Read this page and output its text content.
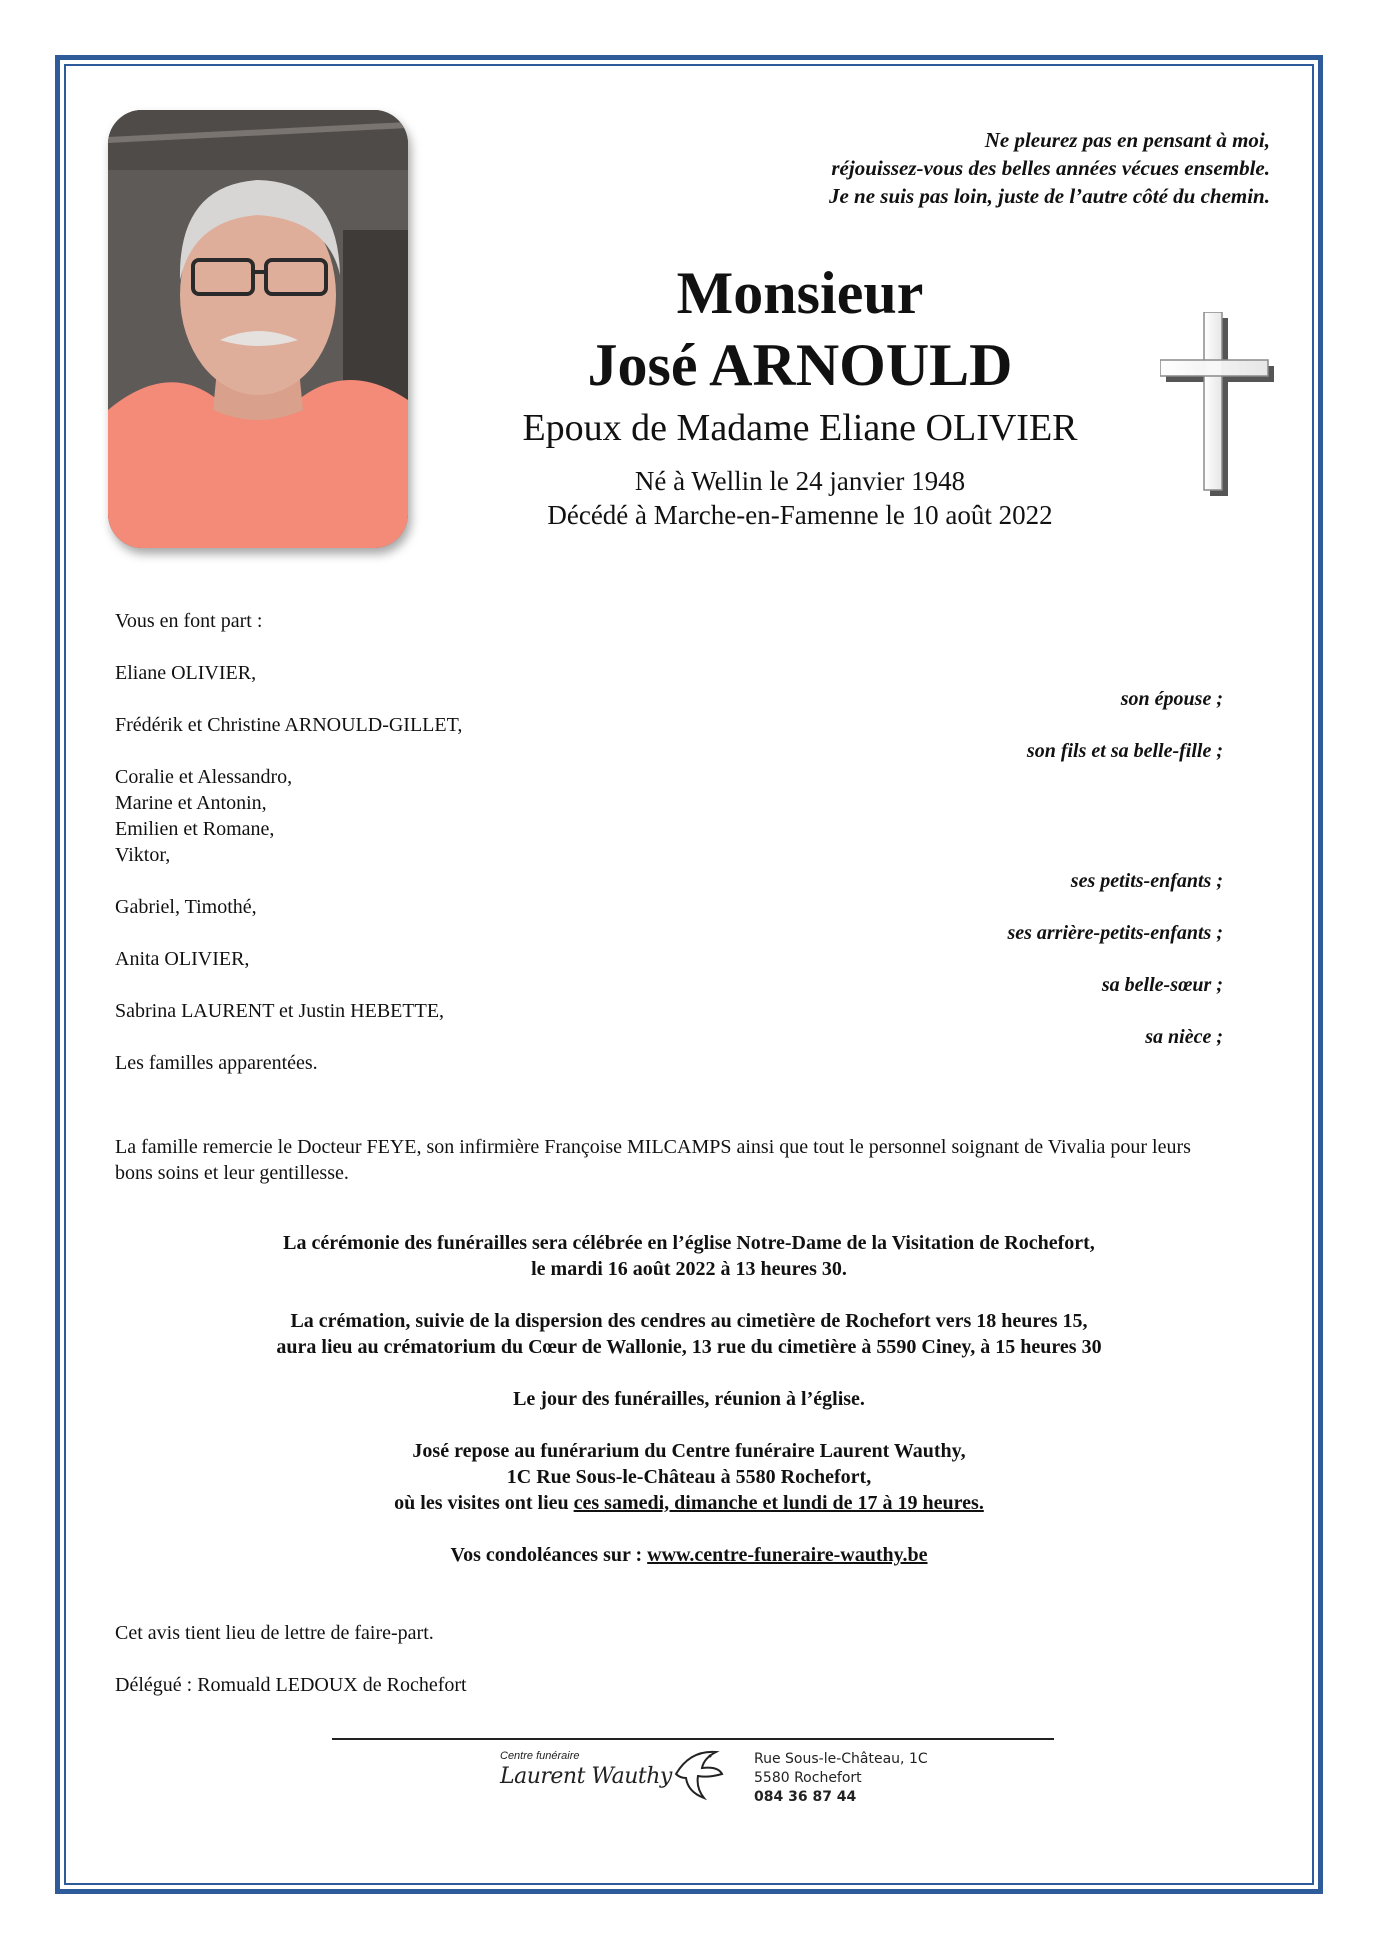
Ne pleurez pas en pensant à moi,
réjouissez-vous des belles années vécues ensemble.
Je ne suis pas loin, juste de l’autre côté du chemin.
Monsieur
José ARNOULD
Epoux de Madame Eliane OLIVIER
Né à Wellin le 24 janvier 1948
Décédé à Marche-en-Famenne le 10 août 2022
Vous en font part :
Eliane OLIVIER,
son épouse ;
Frédérik et Christine ARNOULD-GILLET,
son fils et sa belle-fille ;
Coralie et Alessandro,
Marine et Antonin,
Emilien et Romane,
Viktor,
ses petits-enfants ;
Gabriel, Timothé,
ses arrière-petits-enfants ;
Anita OLIVIER,
sa belle-sœur ;
Sabrina LAURENT et Justin HEBETTE,
sa nièce ;
Les familles apparentées.
La famille remercie le Docteur FEYE, son infirmière Françoise MILCAMPS ainsi que tout le personnel soignant de Vivalia pour leurs bons soins et leur gentillesse.
La cérémonie des funérailles sera célébrée en l’église Notre-Dame de la Visitation de Rochefort,
le mardi 16 août 2022 à 13 heures 30.
La crémation, suivie de la dispersion des cendres au cimetière de Rochefort vers 18 heures 15,
aura lieu au crématorium du Cœur de Wallonie, 13 rue du cimetière à 5590 Ciney, à 15 heures 30
Le jour des funérailles, réunion à l’église.
José repose au funérarium du Centre funéraire Laurent Wauthy,
1C Rue Sous-le-Château à 5580 Rochefort,
où les visites ont lieu ces samedi, dimanche et lundi de 17 à 19 heures.
Vos condoléances sur : www.centre-funeraire-wauthy.be
Cet avis tient lieu de lettre de faire-part.
Délégué : Romuald LEDOUX de Rochefort
Centre funéraire
Laurent Wauthy
Rue Sous-le-Château, 1C
5580 Rochefort
084 36 87 44
